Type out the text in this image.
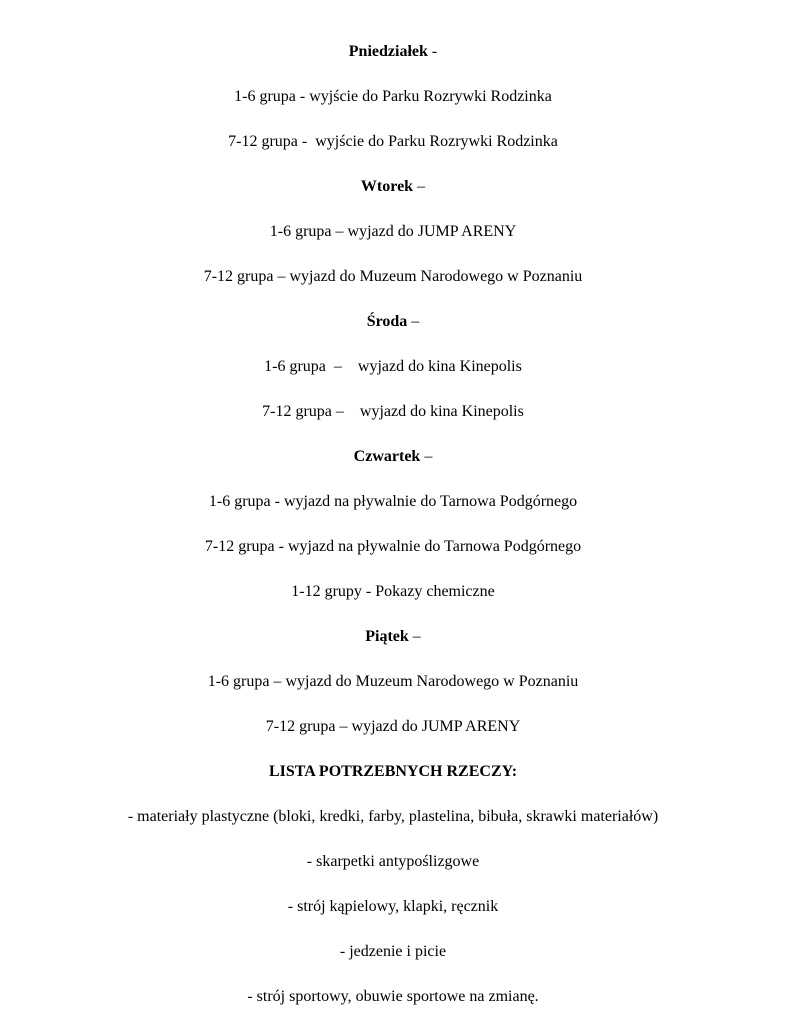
Pniedziałek -
1-6 grupa - wyjście do Parku Rozrywki Rodzinka
7-12 grupa -  wyjście do Parku Rozrywki Rodzinka
Wtorek –
1-6 grupa – wyjazd do JUMP ARENY
7-12 grupa – wyjazd do Muzeum Narodowego w Poznaniu
Środa –
1-6 grupa  –    wyjazd do kina Kinepolis
7-12 grupa –    wyjazd do kina Kinepolis
Czwartek –
1-6 grupa - wyjazd na pływalnie do Tarnowa Podgórnego
7-12 grupa - wyjazd na pływalnie do Tarnowa Podgórnego
1-12 grupy - Pokazy chemiczne
Piątek –
1-6 grupa – wyjazd do Muzeum Narodowego w Poznaniu
7-12 grupa – wyjazd do JUMP ARENY
LISTA POTRZEBNYCH RZECZY:
- materiały plastyczne (bloki, kredki, farby, plastelina, bibuła, skrawki materiałów)
- skarpetki antypoślizgowe
- strój kąpielowy, klapki, ręcznik
- jedzenie i picie
- strój sportowy, obuwie sportowe na zmianę.
